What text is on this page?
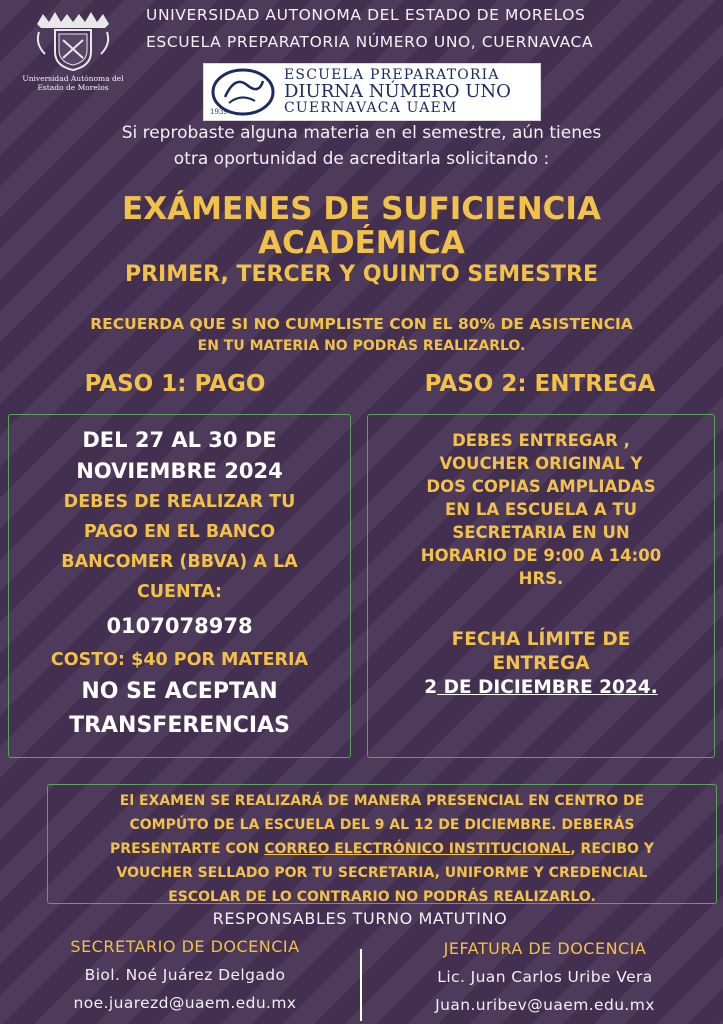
Universidad Autónoma del
Estado de Morelos
UNIVERSIDAD AUTONOMA DEL ESTADO DE MORELOS
ESCUELA PREPARATORIA NÚMERO UNO, CUERNAVACA
1939
ESCUELA PREPARATORIA
DIURNA NÚMERO UNO
CUERNAVACA UAEM
Si reprobaste alguna materia en el semestre, aún tienes
otra oportunidad de acreditarla solicitando :
EXÁMENES DE SUFICIENCIA
ACADÉMICA
PRIMER, TERCER Y QUINTO SEMESTRE
RECUERDA QUE SI NO CUMPLISTE CON EL 80% DE ASISTENCIA
EN TU MATERIA NO PODRÁS REALIZARLO.
PASO 1: PAGO	PASO 2: ENTREGA
DEL 27 AL 30 DE
NOVIEMBRE 2024
DEBES DE REALIZAR TU
PAGO EN EL BANCO
BANCOMER (BBVA) A LA
CUENTA:
0107078978
COSTO: $40 POR MATERIA
NO SE ACEPTAN
TRANSFERENCIAS
DEBES ENTREGAR ,
VOUCHER ORIGINAL Y
DOS COPIAS AMPLIADAS
EN LA ESCUELA A TU
SECRETARIA EN UN
HORARIO DE 9:00 A 14:00
HRS.
FECHA LÍMITE DE
ENTREGA
2 DE DICIEMBRE 2024.
El EXAMEN SE REALIZARÁ DE MANERA PRESENCIAL EN CENTRO DE
COMPÚTO DE LA ESCUELA DEL 9 AL 12 DE DICIEMBRE. DEBERÁS
PRESENTARTE CON CORREO ELECTRÓNICO INSTITUCIONAL, RECIBO Y
VOUCHER SELLADO POR TU SECRETARIA, UNIFORME Y CREDENCIAL
ESCOLAR DE LO CONTRARIO NO PODRÁS REALIZARLO.
RESPONSABLES TURNO MATUTINO
SECRETARIO DE DOCENCIA
Biol. Noé Juárez Delgado
noe.juarezd@uaem.edu.mx
JEFATURA DE DOCENCIA
Lic. Juan Carlos Uribe Vera
Juan.uribev@uaem.edu.mx
